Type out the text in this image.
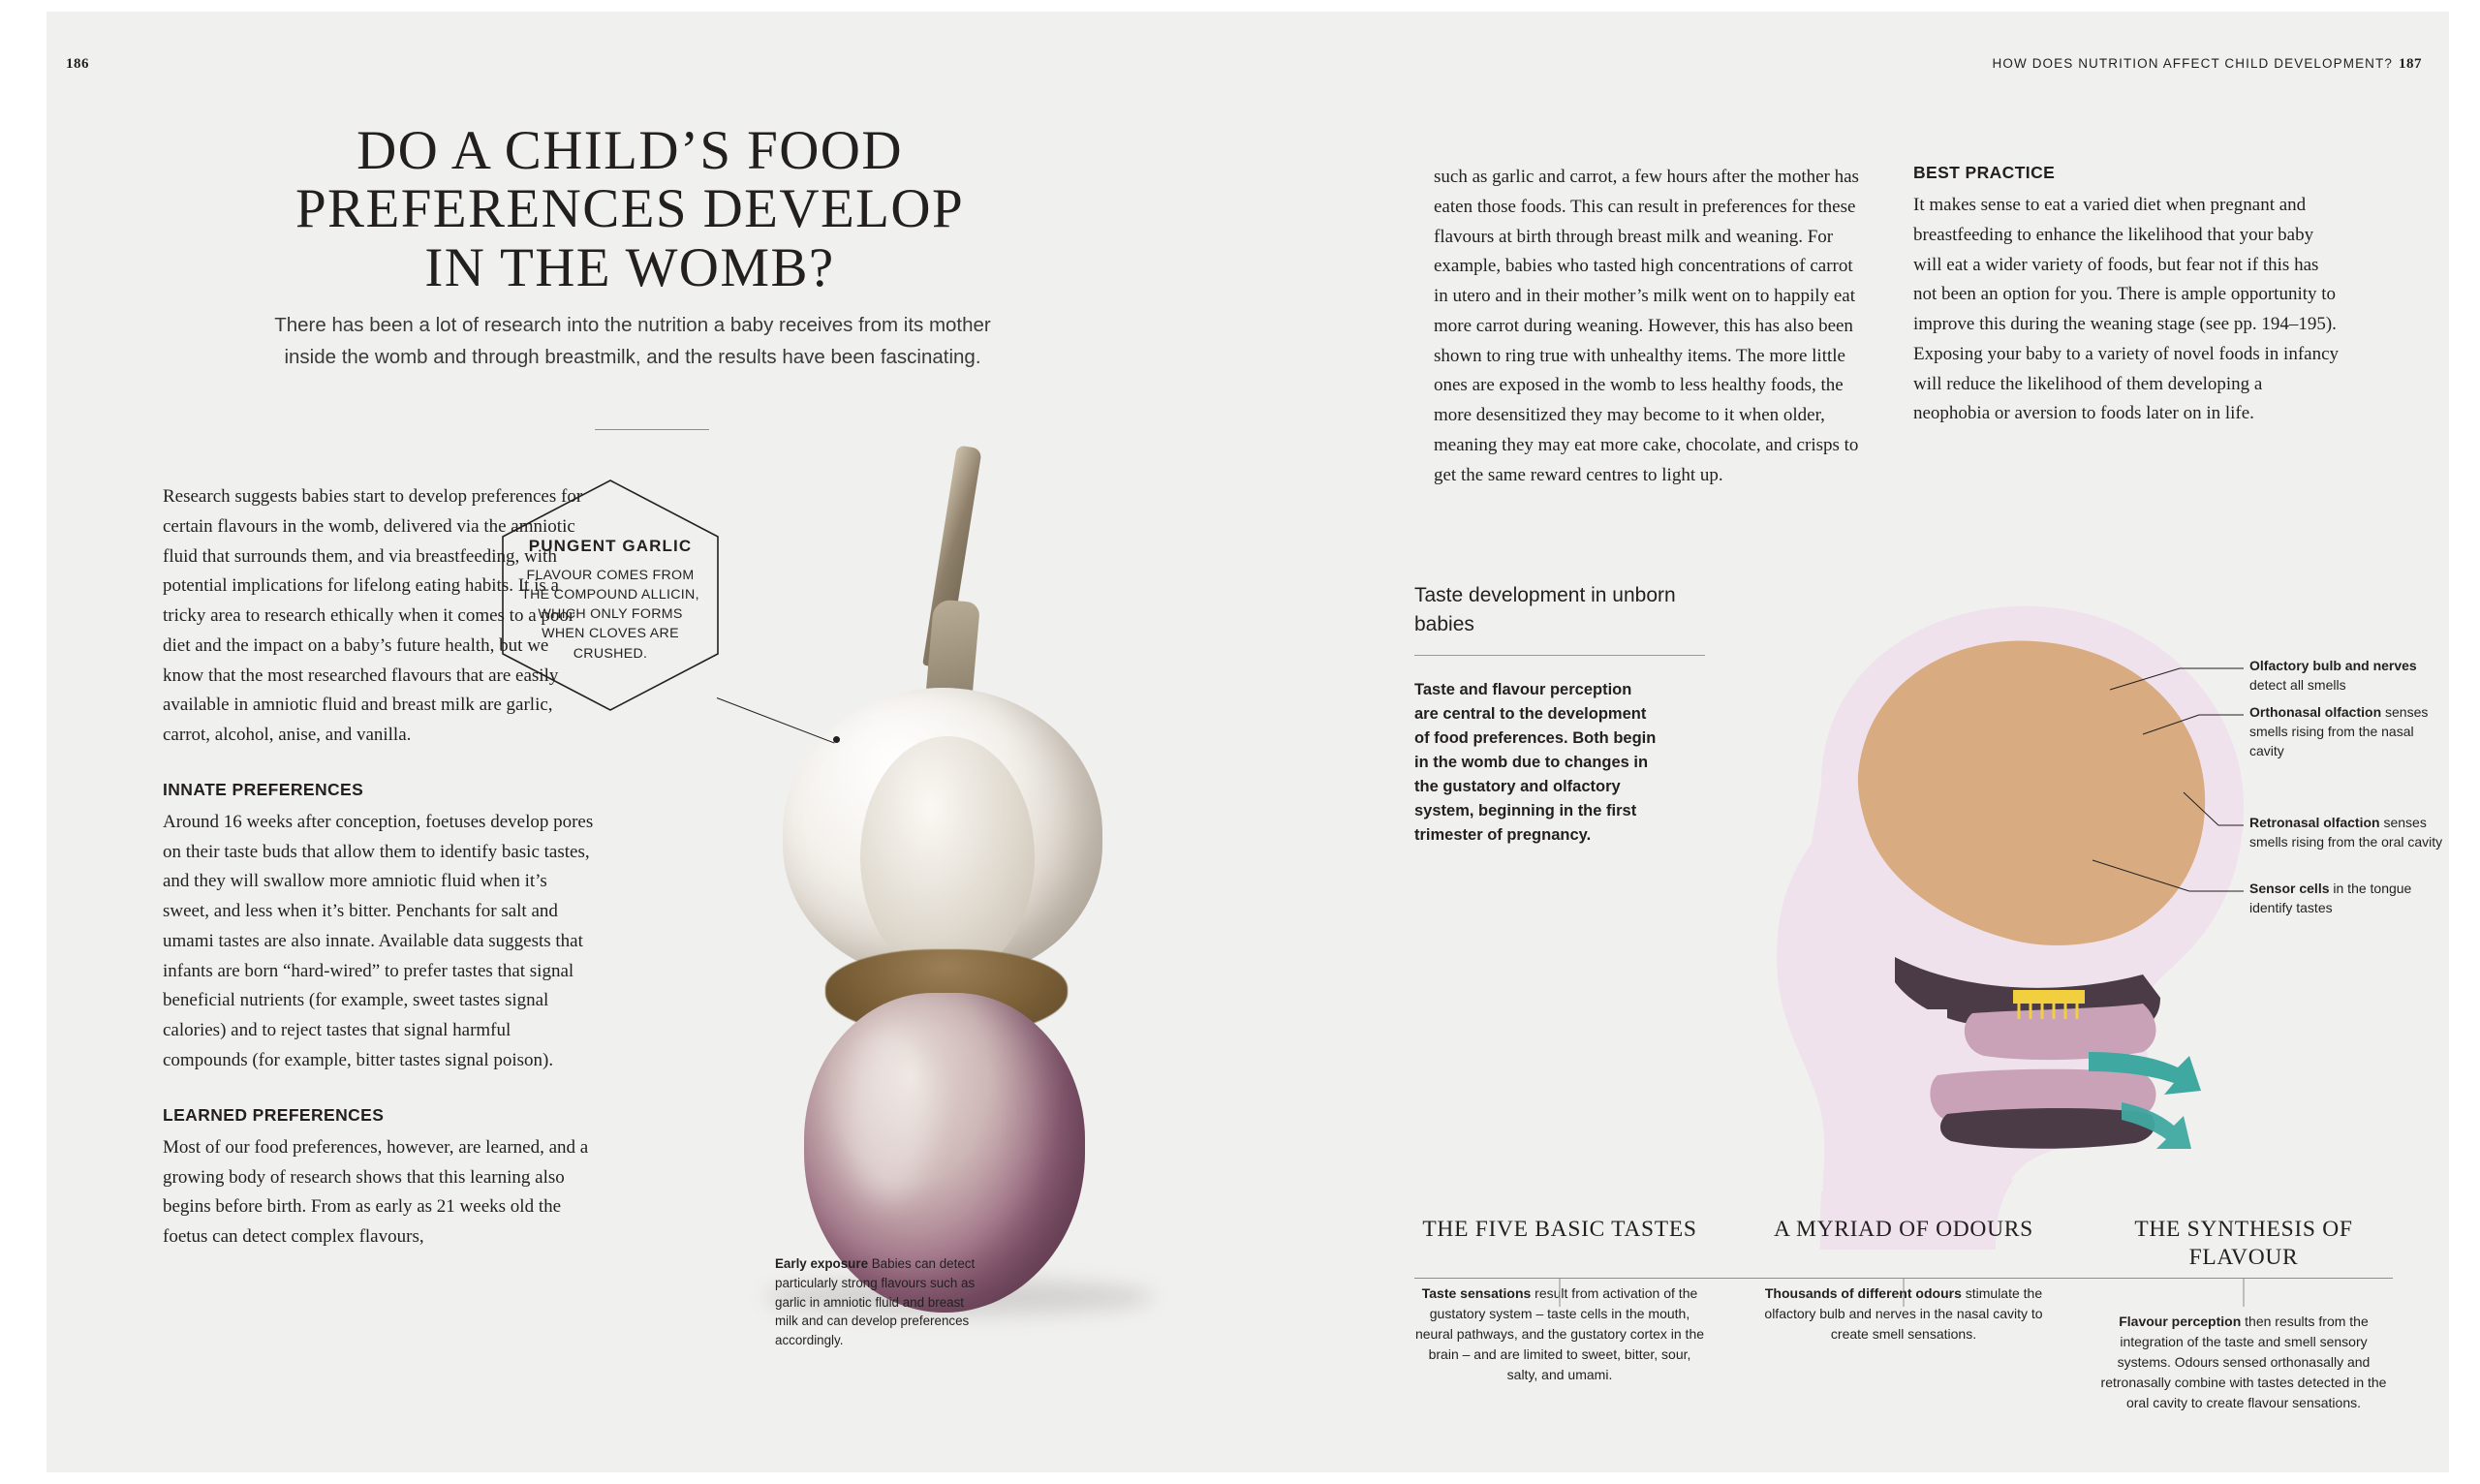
186	HOW DOES NUTRITION AFFECT CHILD DEVELOPMENT? 187
DO A CHILD’S FOOD PREFERENCES DEVELOP IN THE WOMB?
There has been a lot of research into the nutrition a baby receives from its mother inside the womb and through breastmilk, and the results have been fascinating.

Research suggests babies start to develop preferences for certain flavours in the womb, delivered via the amniotic fluid that surrounds them, and via breastfeeding, with potential implications for lifelong eating habits. It is a tricky area to research ethically when it comes to a poor diet and the impact on a baby’s future health, but we know that the most researched flavours that are easily available in amniotic fluid and breast milk are garlic, carrot, alcohol, anise, and vanilla.

INNATE PREFERENCES

Around 16 weeks after conception, foetuses develop pores on their taste buds that allow them to identify basic tastes, and they will swallow more amniotic fluid when it’s sweet, and less when it’s bitter. Penchants for salt and umami tastes are also innate. Available data suggests that infants are born “hard-wired” to prefer tastes that signal beneficial nutrients (for example, sweet tastes signal calories) and to reject tastes that signal harmful compounds (for example, bitter tastes signal poison).

LEARNED PREFERENCES

Most of our food preferences, however, are learned, and a growing body of research shows that this learning also begins before birth. From as early as 21 weeks old the foetus can detect complex flavours,

PUNGENT GARLIC
FLAVOUR COMES FROM THE COMPOUND ALLICIN, WHICH ONLY FORMS WHEN CLOVES ARE CRUSHED.
Early exposure Babies can detect particularly strong flavours such as garlic in amniotic fluid and breast milk and can develop preferences accordingly.

such as garlic and carrot, a few hours after the mother has eaten those foods. This can result in preferences for these flavours at birth through breast milk and weaning. For example, babies who tasted high concentrations of carrot in utero and in their mother’s milk went on to happily eat more carrot during weaning. However, this has also been shown to ring true with unhealthy items. The more little ones are exposed in the womb to less healthy foods, the more desensitized they may become to it when older, meaning they may eat more cake, chocolate, and crisps to get the same reward centres to light up.

BEST PRACTICE

It makes sense to eat a varied diet when pregnant and breastfeeding to enhance the likelihood that your baby will eat a wider variety of foods, but fear not if this has not been an option for you. There is ample opportunity to improve this during the weaning stage (see pp. 194–195). Exposing your baby to a variety of novel foods in infancy will reduce the likelihood of them developing a neophobia or aversion to foods later on in life.

Taste development in unborn babies
Taste and flavour perception are central to the development of food preferences. Both begin in the womb due to changes in the gustatory and olfactory system, beginning in the first trimester of pregnancy.
Olfactory bulb and nerves detect all smells
Orthonasal olfaction senses smells rising from the nasal cavity
Retronasal olfaction senses smells rising from the oral cavity
Sensor cells in the tongue identify tastes
THE FIVE BASIC TASTES

Taste sensations result from activation of the gustatory system – taste cells in the mouth, neural pathways, and the gustatory cortex in the brain – and are limited to sweet, bitter, sour, salty, and umami.

A MYRIAD OF ODOURS

Thousands of different odours stimulate the olfactory bulb and nerves in the nasal cavity to create smell sensations.

THE SYNTHESIS OF FLAVOUR

Flavour perception then results from the integration of the taste and smell sensory systems. Odours sensed orthonasally and retronasally combine with tastes detected in the oral cavity to create flavour sensations.
